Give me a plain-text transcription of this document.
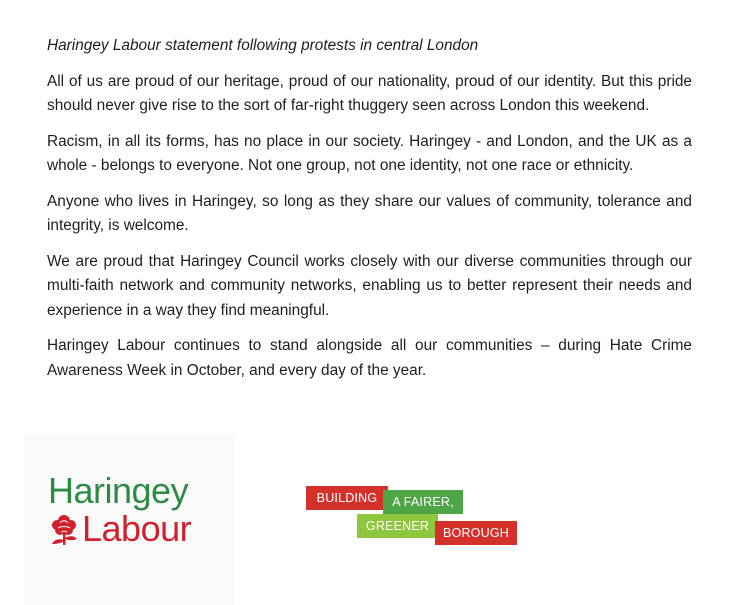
Haringey Labour statement following protests in central London

All of us are proud of our heritage, proud of our nationality, proud of our identity. But this pride should never give rise to the sort of far-right thuggery seen across London this weekend.

Racism, in all its forms, has no place in our society. Haringey - and London, and the UK as a whole - belongs to everyone. Not one group, not one identity, not one race or ethnicity.

Anyone who lives in Haringey, so long as they share our values of community, tolerance and integrity, is welcome.

We are proud that Haringey Council works closely with our diverse communities through our multi-faith network and community networks, enabling us to better represent their needs and experience in a way they find meaningful.

Haringey Labour continues to stand alongside all our communities – during Hate Crime Awareness Week in October, and every day of the year.

Haringey
Labour
BUILDING	A FAIRER,
GREENER	BOROUGH
